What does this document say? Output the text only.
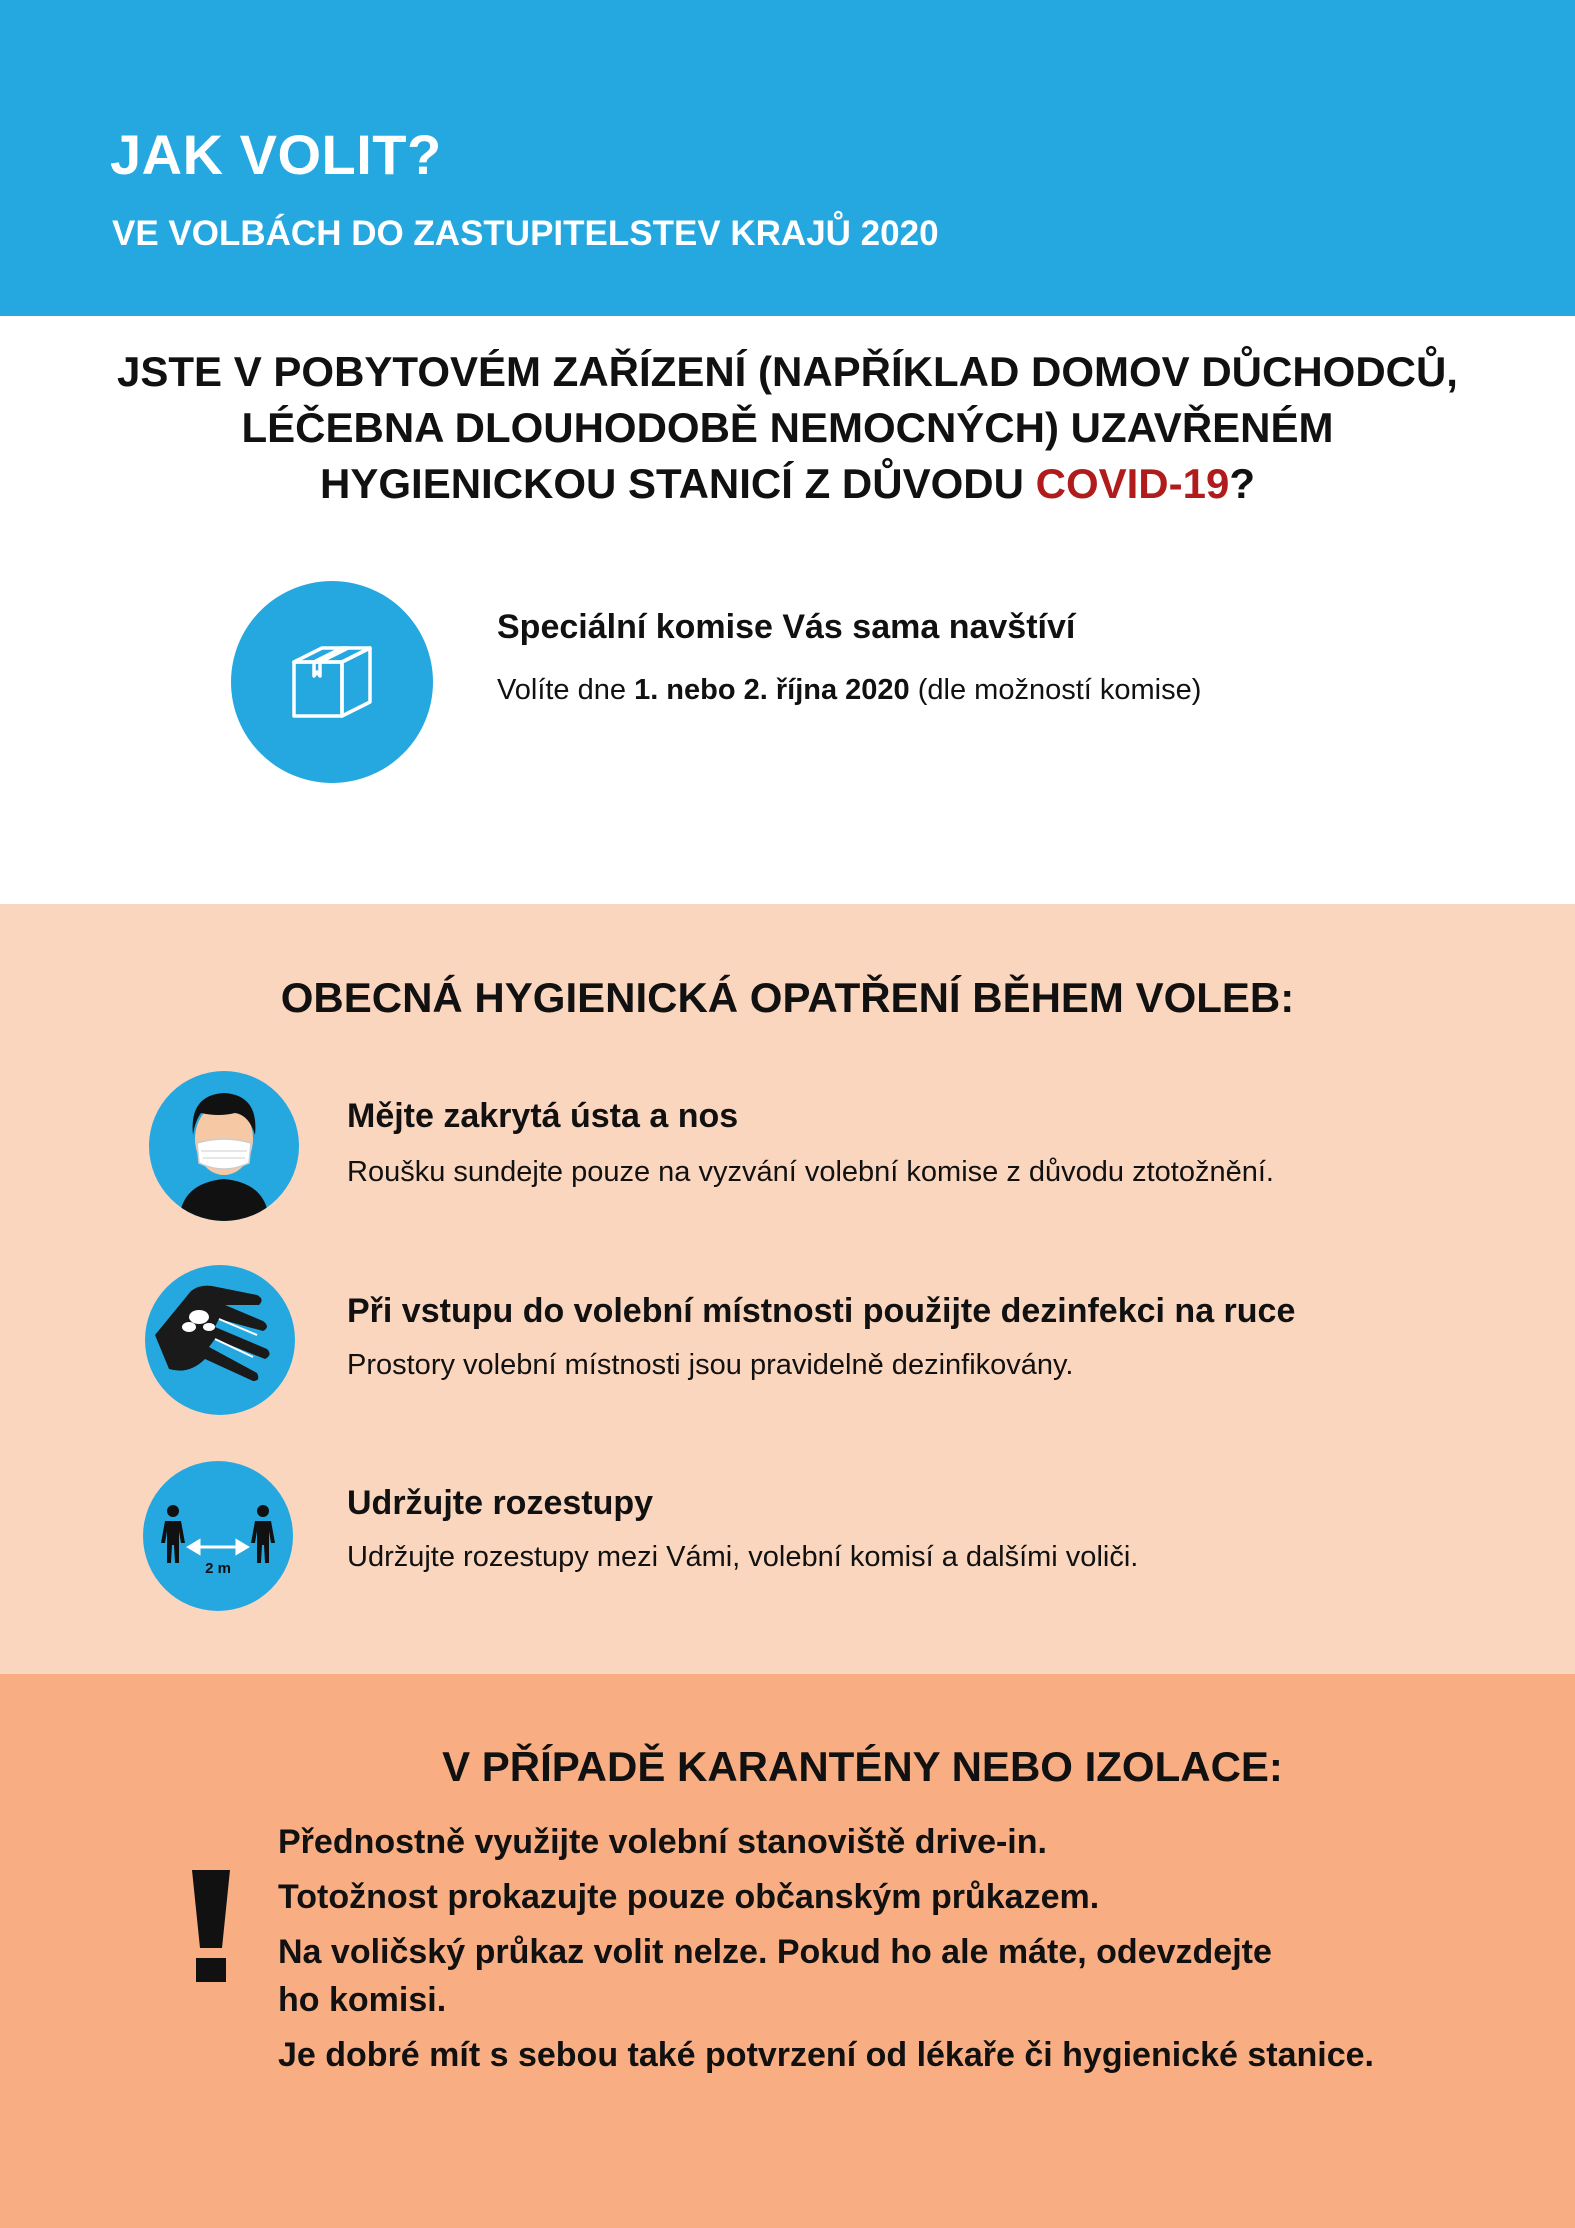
JAK VOLIT?
VE VOLBÁCH DO ZASTUPITELSTEV KRAJŮ 2020
JSTE V POBYTOVÉM ZAŘÍZENÍ (NAPŘÍKLAD DOMOV DŮCHODCŮ,
LÉČEBNA DLOUHODOBĚ NEMOCNÝCH) UZAVŘENÉM
HYGIENICKOU STANICÍ Z DŮVODU COVID-19?
Speciální komise Vás sama navštíví
Volíte dne 1. nebo 2. října 2020 (dle možností komise)
OBECNÁ HYGIENICKÁ OPATŘENÍ BĚHEM VOLEB:
Mějte zakrytá ústa a nos
Roušku sundejte pouze na vyzvání volební komise z důvodu ztotožnění.
Při vstupu do volební místnosti použijte dezinfekci na ruce
Prostory volební místnosti jsou pravidelně dezinfikovány.
2 m
Udržujte rozestupy
Udržujte rozestupy mezi Vámi, volební komisí a dalšími voliči.
V PŘÍPADĚ KARANTÉNY NEBO IZOLACE:
Přednostně využijte volební stanoviště drive-in.
Totožnost prokazujte pouze občanským průkazem.
Na voličský průkaz volit nelze. Pokud ho ale máte, odevzdejte
ho komisi.
Je dobré mít s sebou také potvrzení od lékaře či hygienické stanice.
